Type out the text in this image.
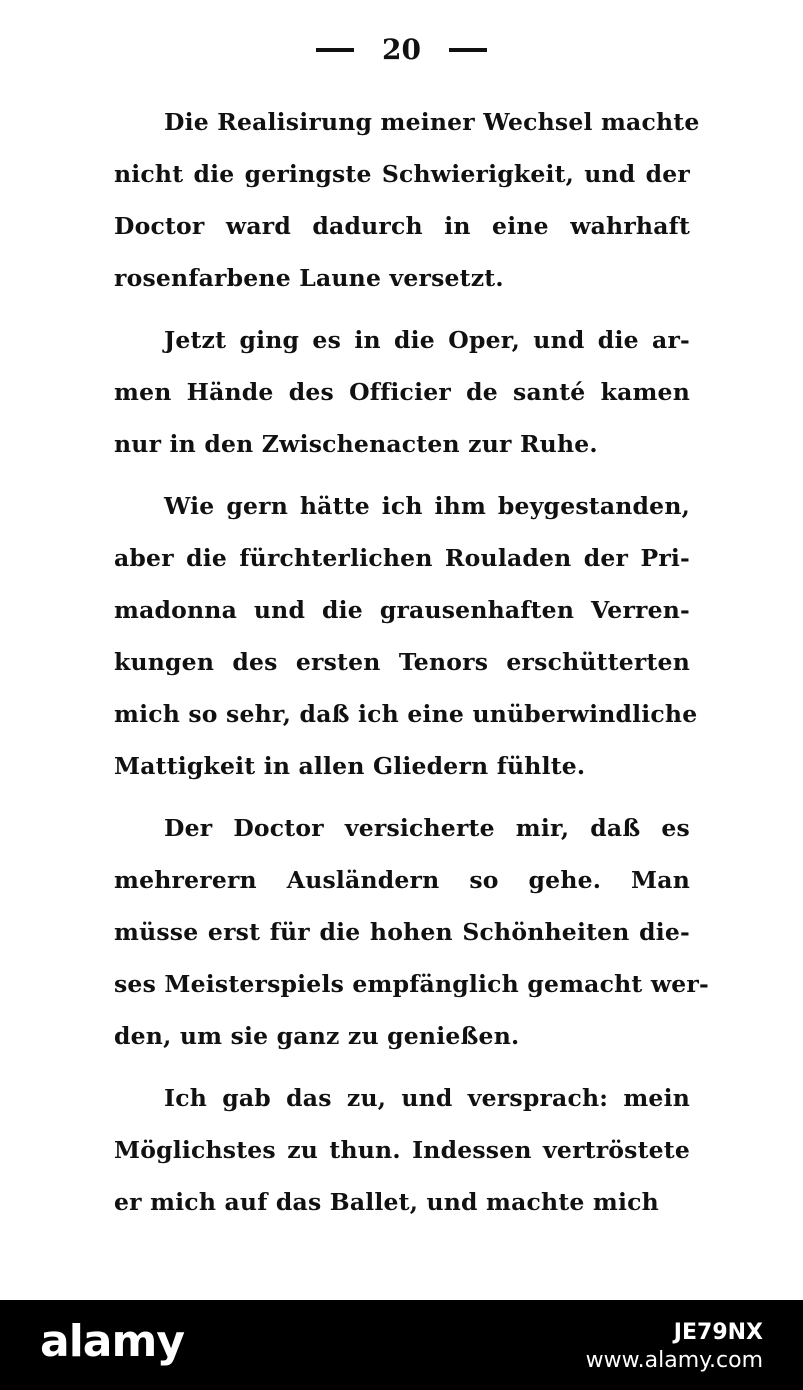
20
Die Realisirung meiner Wechsel machte
nicht die geringste Schwierigkeit, und der
Doctor ward dadurch in eine wahrhaft
rosenfarbene Laune versetzt.
Jetzt ging es in die Oper, und die ar-
men Hände des Officier de santé kamen
nur in den Zwischenacten zur Ruhe.
Wie gern hätte ich ihm beygestanden,
aber die fürchterlichen Rouladen der Pri-
madonna und die grausenhaften Verren-
kungen des ersten Tenors erschütterten
mich so sehr, daß ich eine unüberwindliche
Mattigkeit in allen Gliedern fühlte.
Der Doctor versicherte mir, daß es
mehrerern Ausländern so gehe. Man
müsse erst für die hohen Schönheiten die-
ses Meisterspiels empfänglich gemacht wer-
den, um sie ganz zu genießen.
Ich gab das zu, und versprach: mein
Möglichstes zu thun. Indessen vertröstete
er mich auf das Ballet, und machte mich
alamy	JE79NX
www.alamy.com
